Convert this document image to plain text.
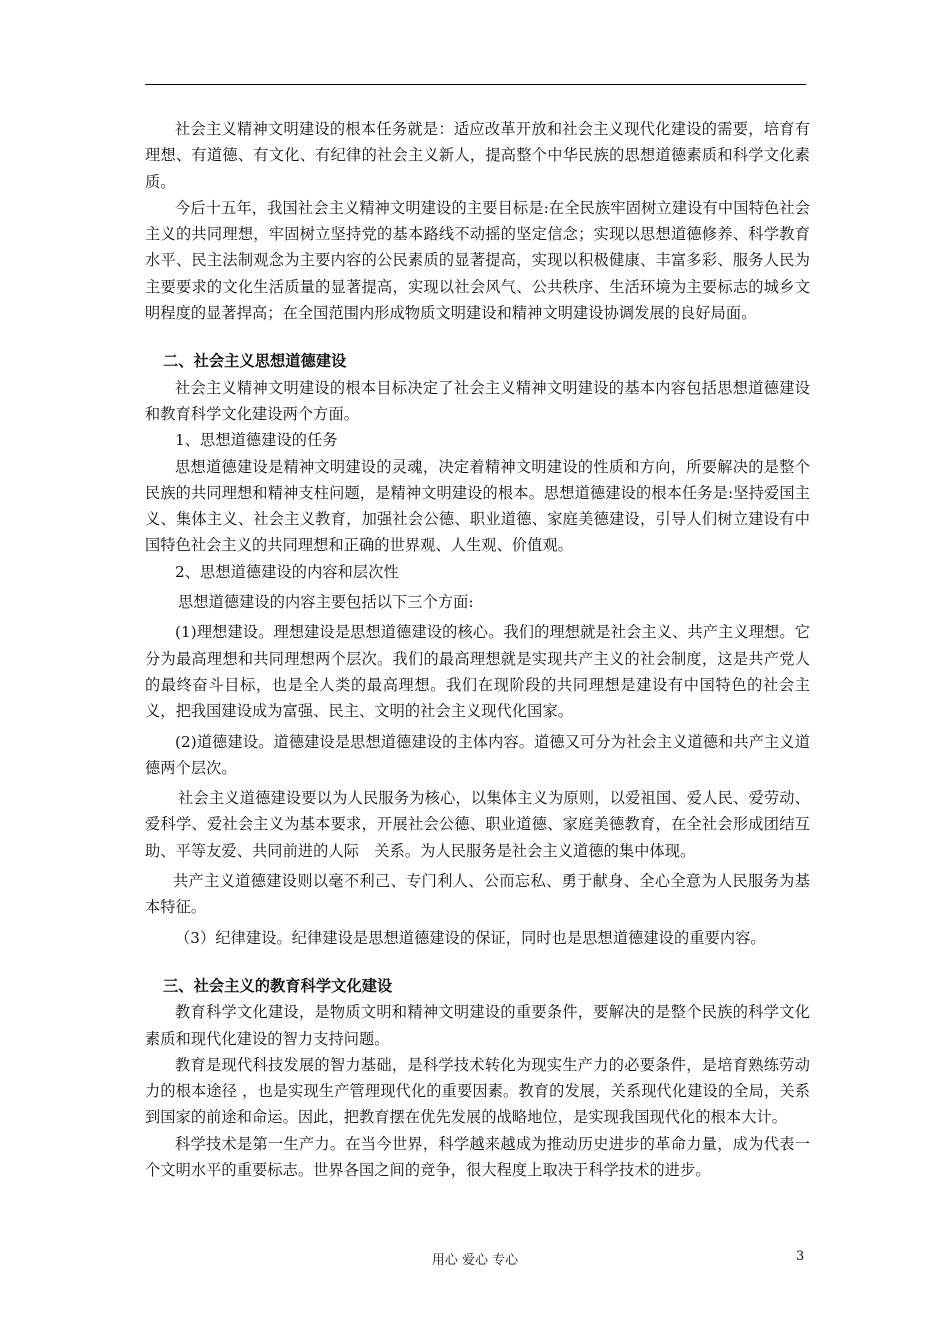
社会主义精神文明建设的根本任务就是：适应改革开放和社会主义现代化建设的需要，培育有理想、有道德、有文化、有纪律的社会主义新人，提高整个中华民族的思想道德素质和科学文化素质。

今后十五年，我国社会主义精神文明建设的主要目标是:在全民族牢固树立建设有中国特色社会主义的共同理想，牢固树立坚持党的基本路线不动摇的坚定信念；实现以思想道德修养、科学教育水平、民主法制观念为主要内容的公民素质的显著提高，实现以积极健康、丰富多彩、服务人民为主要要求的文化生活质量的显著提高，实现以社会风气、公共秩序、生活环境为主要标志的城乡文明程度的显著捍高；在全国范围内形成物质文明建设和精神文明建设协调发展的良好局面。

二、社会主义思想道德建设

社会主义精神文明建设的根本目标决定了社会主义精神文明建设的基本内容包括思想道德建设和教育科学文化建设两个方面。

1、思想道德建设的任务

思想道德建设是精神文明建设的灵魂，决定着精神文明建设的性质和方向，所要解决的是整个民族的共同理想和精神支柱问题，是精神文明建设的根本。思想道德建设的根本任务是:坚持爱国主义、集体主义、社会主义教育，加强社会公德、职业道德、家庭美德建设，引导人们树立建设有中国特色社会主义的共同理想和正确的世界观、人生观、价值观。

2、思想道德建设的内容和层次性

思想道德建设的内容主要包括以下三个方面:

(1)理想建设。理想建设是思想道德建设的核心。我们的理想就是社会主义、共产主义理想。它分为最高理想和共同理想两个层次。我们的最高理想就是实现共产主义的社会制度，这是共产党人的最终奋斗目标，也是全人类的最高理想。我们在现阶段的共同理想是建设有中国特色的社会主义，把我国建设成为富强、民主、文明的社会主义现代化国家。

(2)道德建设。道德建设是思想道德建设的主体内容。道德又可分为社会主义道德和共产主义道德两个层次。

社会主义道德建设要以为人民服务为核心，以集体主义为原则，以爱祖国、爱人民、爱劳动、爱科学、爱社会主义为基本要求，开展社会公德、职业道德、家庭美德教育，在全社会形成团结互助、平等友爱、共同前进的人际　关系。为人民服务是社会主义道德的集中体现。

共产主义道德建设则以毫不利己、专门利人、公而忘私、勇于献身、全心全意为人民服务为基本特征。

（3）纪律建设。纪律建设是思想道德建设的保证，同时也是思想道德建设的重要内容。

三、社会主义的教育科学文化建设

教育科学文化建设，是物质文明和精神文明建设的重要条件，要解决的是整个民族的科学文化素质和现代化建设的智力支持问题。

教育是现代科技发展的智力基础，是科学技术转化为现实生产力的必要条件，是培育熟练劳动力的根本途径 ，也是实现生产管理现代化的重要因素。教育的发展，关系现代化建设的全局，关系到国家的前途和命运。因此，把教育摆在优先发展的战略地位，是实现我国现代化的根本大计。

科学技术是第一生产力。在当今世界，科学越来越成为推动历史进步的革命力量，成为代表一个文明水平的重要标志。世界各国之间的竞争，很大程度上取决于科学技术的进步。

用心 爱心 专心	3
